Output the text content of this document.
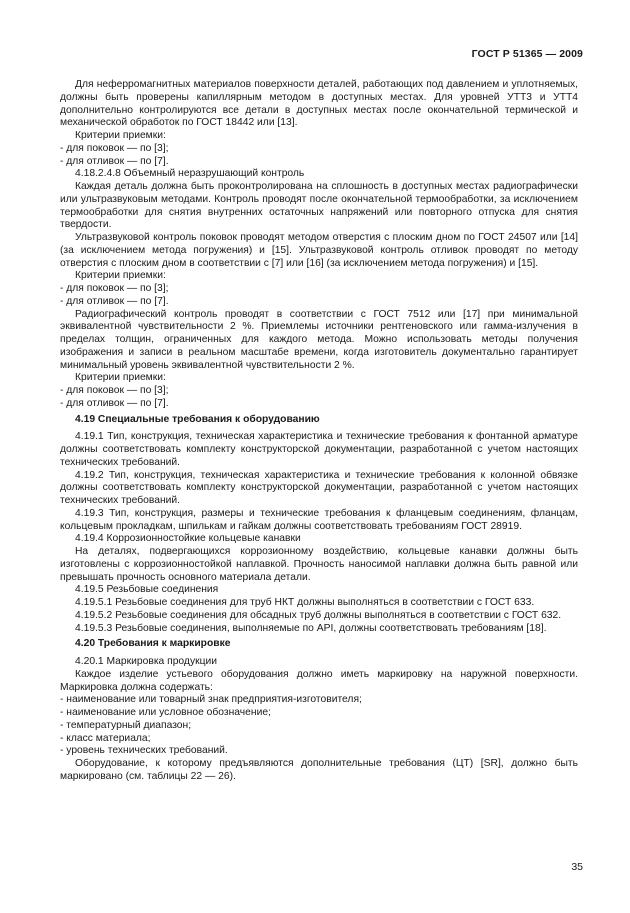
ГОСТ Р 51365 — 2009

Для неферромагнитных материалов поверхности деталей, работающих под давлением и уплотняемых, должны быть проверены капиллярным методом в доступных местах. Для уровней УТТ3 и УТТ4 дополнительно контролируются все детали в доступных местах после окончательной термической и механической обработок по ГОСТ 18442 или [13].

Критерии приемки:

- для поковок — по [3];

- для отливок — по [7].

4.18.2.4.8 Объемный неразрушающий контроль

Каждая деталь должна быть проконтролирована на сплошность в доступных местах радиографически или ультразвуковым методами. Контроль проводят после окончательной термообработки, за исключением термообработки для снятия внутренних остаточных напряжений или повторного отпуска для снятия твердости.

Ультразвуковой контроль поковок проводят методом отверстия с плоским дном по ГОСТ 24507 или [14] (за исключением метода погружения) и [15]. Ультразвуковой контроль отливок проводят по методу отверстия с плоским дном в соответствии с [7] или [16] (за исключением метода погружения) и [15].

Критерии приемки:

- для поковок — по [3];

- для отливок — по [7].

Радиографический контроль проводят в соответствии с ГОСТ 7512 или [17] при минимальной эквивалентной чувствительности 2 %. Приемлемы источники рентгеновского или гамма-излучения в пределах толщин, ограниченных для каждого метода. Можно использовать методы получения изображения и записи в реальном масштабе времени, когда изготовитель документально гарантирует минимальный уровень эквивалентной чувствительности 2 %.

Критерии приемки:

- для поковок — по [3];

- для отливок — по [7].

4.19 Специальные требования к оборудованию

4.19.1 Тип, конструкция, техническая характеристика и технические требования к фонтанной арматуре должны соответствовать комплекту конструкторской документации, разработанной с учетом настоящих технических требований.

4.19.2 Тип, конструкция, техническая характеристика и технические требования к колонной обвязке должны соответствовать комплекту конструкторской документации, разработанной с учетом настоящих технических требований.

4.19.3 Тип, конструкция, размеры и технические требования к фланцевым соединениям, фланцам, кольцевым прокладкам, шпилькам и гайкам должны соответствовать требованиям ГОСТ 28919.

4.19.4 Коррозионностойкие кольцевые канавки

На деталях, подвергающихся коррозионному воздействию, кольцевые канавки должны быть изготовлены с коррозионностойкой наплавкой. Прочность наносимой наплавки должна быть равной или превышать прочность основного материала детали.

4.19.5 Резьбовые соединения

4.19.5.1 Резьбовые соединения для труб НКТ должны выполняться в соответствии с ГОСТ 633.

4.19.5.2 Резьбовые соединения для обсадных труб должны выполняться в соответствии с ГОСТ 632.

4.19.5.3 Резьбовые соединения, выполняемые по API, должны соответствовать требованиям [18].

4.20 Требования к маркировке

4.20.1 Маркировка продукции

Каждое изделие устьевого оборудования должно иметь маркировку на наружной поверхности. Маркировка должна содержать:

- наименование или товарный знак предприятия-изготовителя;

- наименование или условное обозначение;

- температурный диапазон;

- класс материала;

- уровень технических требований.

Оборудование, к которому предъявляются дополнительные требования (ЦТ) [SR], должно быть маркировано (см. таблицы 22 — 26).

35
